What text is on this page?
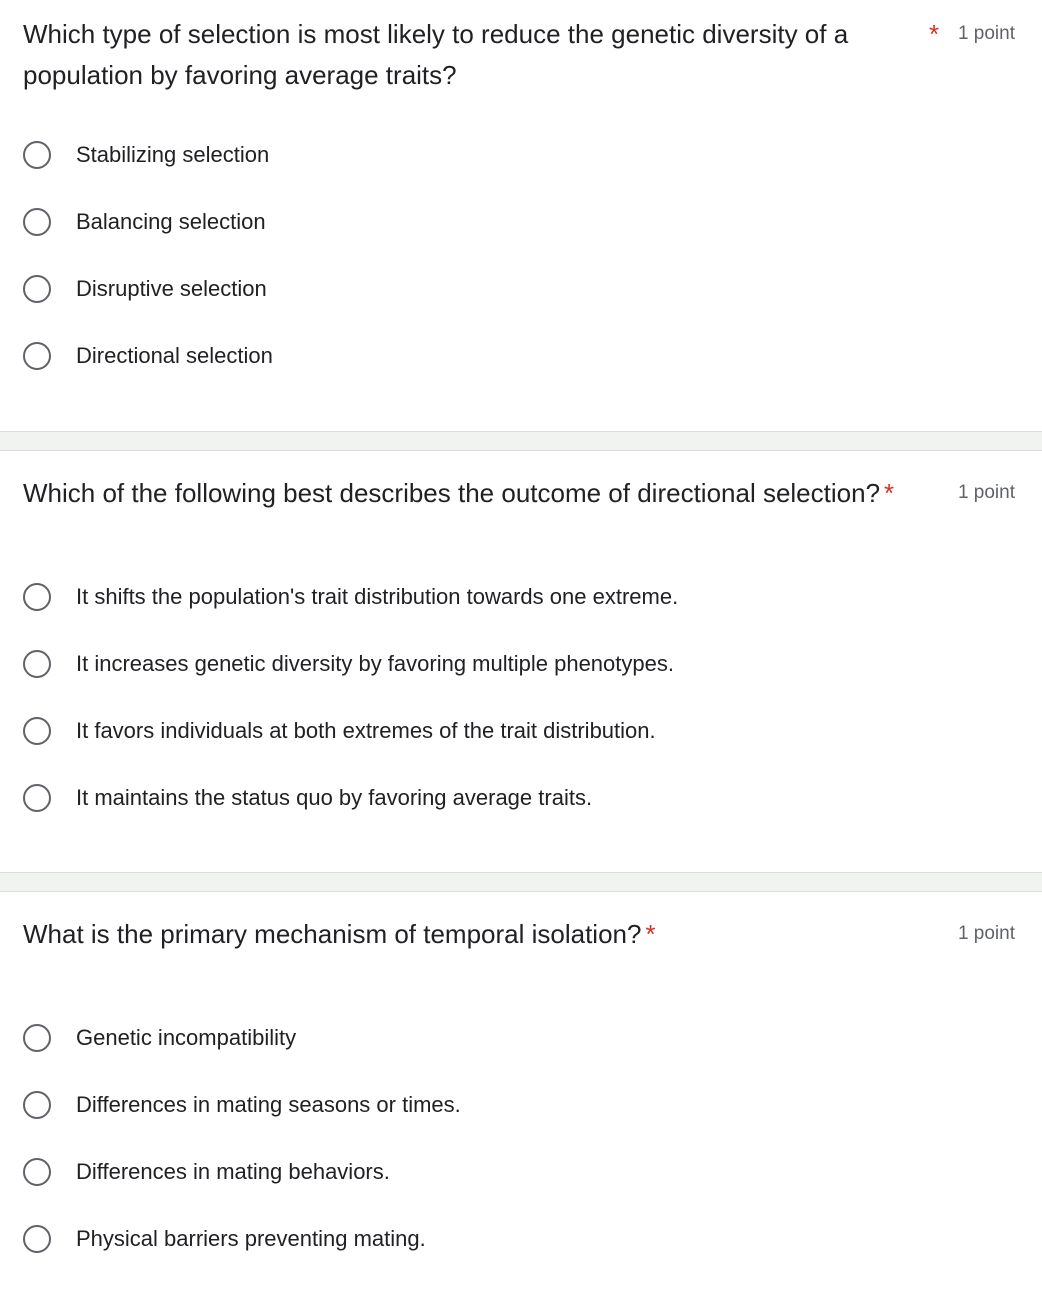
Which type of selection is most likely to reduce the genetic diversity of a population by favoring average traits?
* 1 point
Stabilizing selection
Balancing selection
Disruptive selection
Directional selection
Which of the following best describes the outcome of directional selection? *	1 point
It shifts the population's trait distribution towards one extreme.
It increases genetic diversity by favoring multiple phenotypes.
It favors individuals at both extremes of the trait distribution.
It maintains the status quo by favoring average traits.
What is the primary mechanism of temporal isolation? *	1 point
Genetic incompatibility
Differences in mating seasons or times.
Differences in mating behaviors.
Physical barriers preventing mating.
